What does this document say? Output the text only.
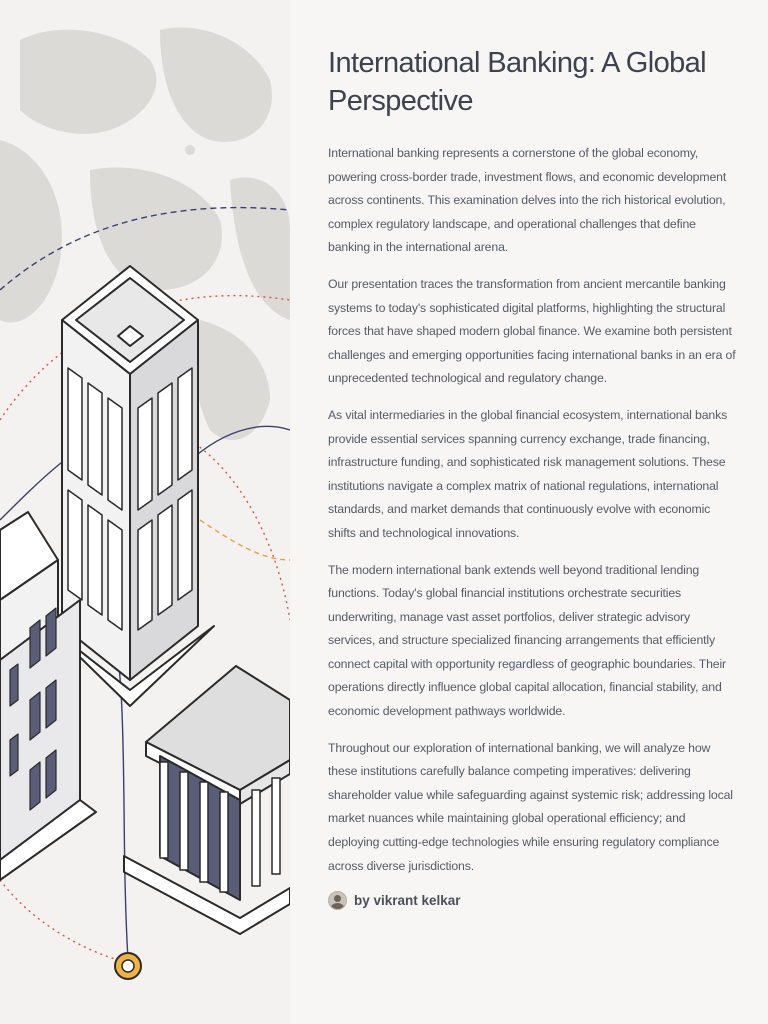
International Banking: A Global Perspective

International banking represents a cornerstone of the global economy, powering cross-border trade, investment flows, and economic development across continents. This examination delves into the rich historical evolution, complex regulatory landscape, and operational challenges that define banking in the international arena.

Our presentation traces the transformation from ancient mercantile banking systems to today's sophisticated digital platforms, highlighting the structural forces that have shaped modern global finance. We examine both persistent challenges and emerging opportunities facing international banks in an era of unprecedented technological and regulatory change.

As vital intermediaries in the global financial ecosystem, international banks provide essential services spanning currency exchange, trade financing, infrastructure funding, and sophisticated risk management solutions. These institutions navigate a complex matrix of national regulations, international standards, and market demands that continuously evolve with economic shifts and technological innovations.

The modern international bank extends well beyond traditional lending functions. Today's global financial institutions orchestrate securities underwriting, manage vast asset portfolios, deliver strategic advisory services, and structure specialized financing arrangements that efficiently connect capital with opportunity regardless of geographic boundaries. Their operations directly influence global capital allocation, financial stability, and economic development pathways worldwide.

Throughout our exploration of international banking, we will analyze how these institutions carefully balance competing imperatives: delivering shareholder value while safeguarding against systemic risk; addressing local market nuances while maintaining global operational efficiency; and deploying cutting-edge technologies while ensuring regulatory compliance across diverse jurisdictions.

by vikrant kelkar
